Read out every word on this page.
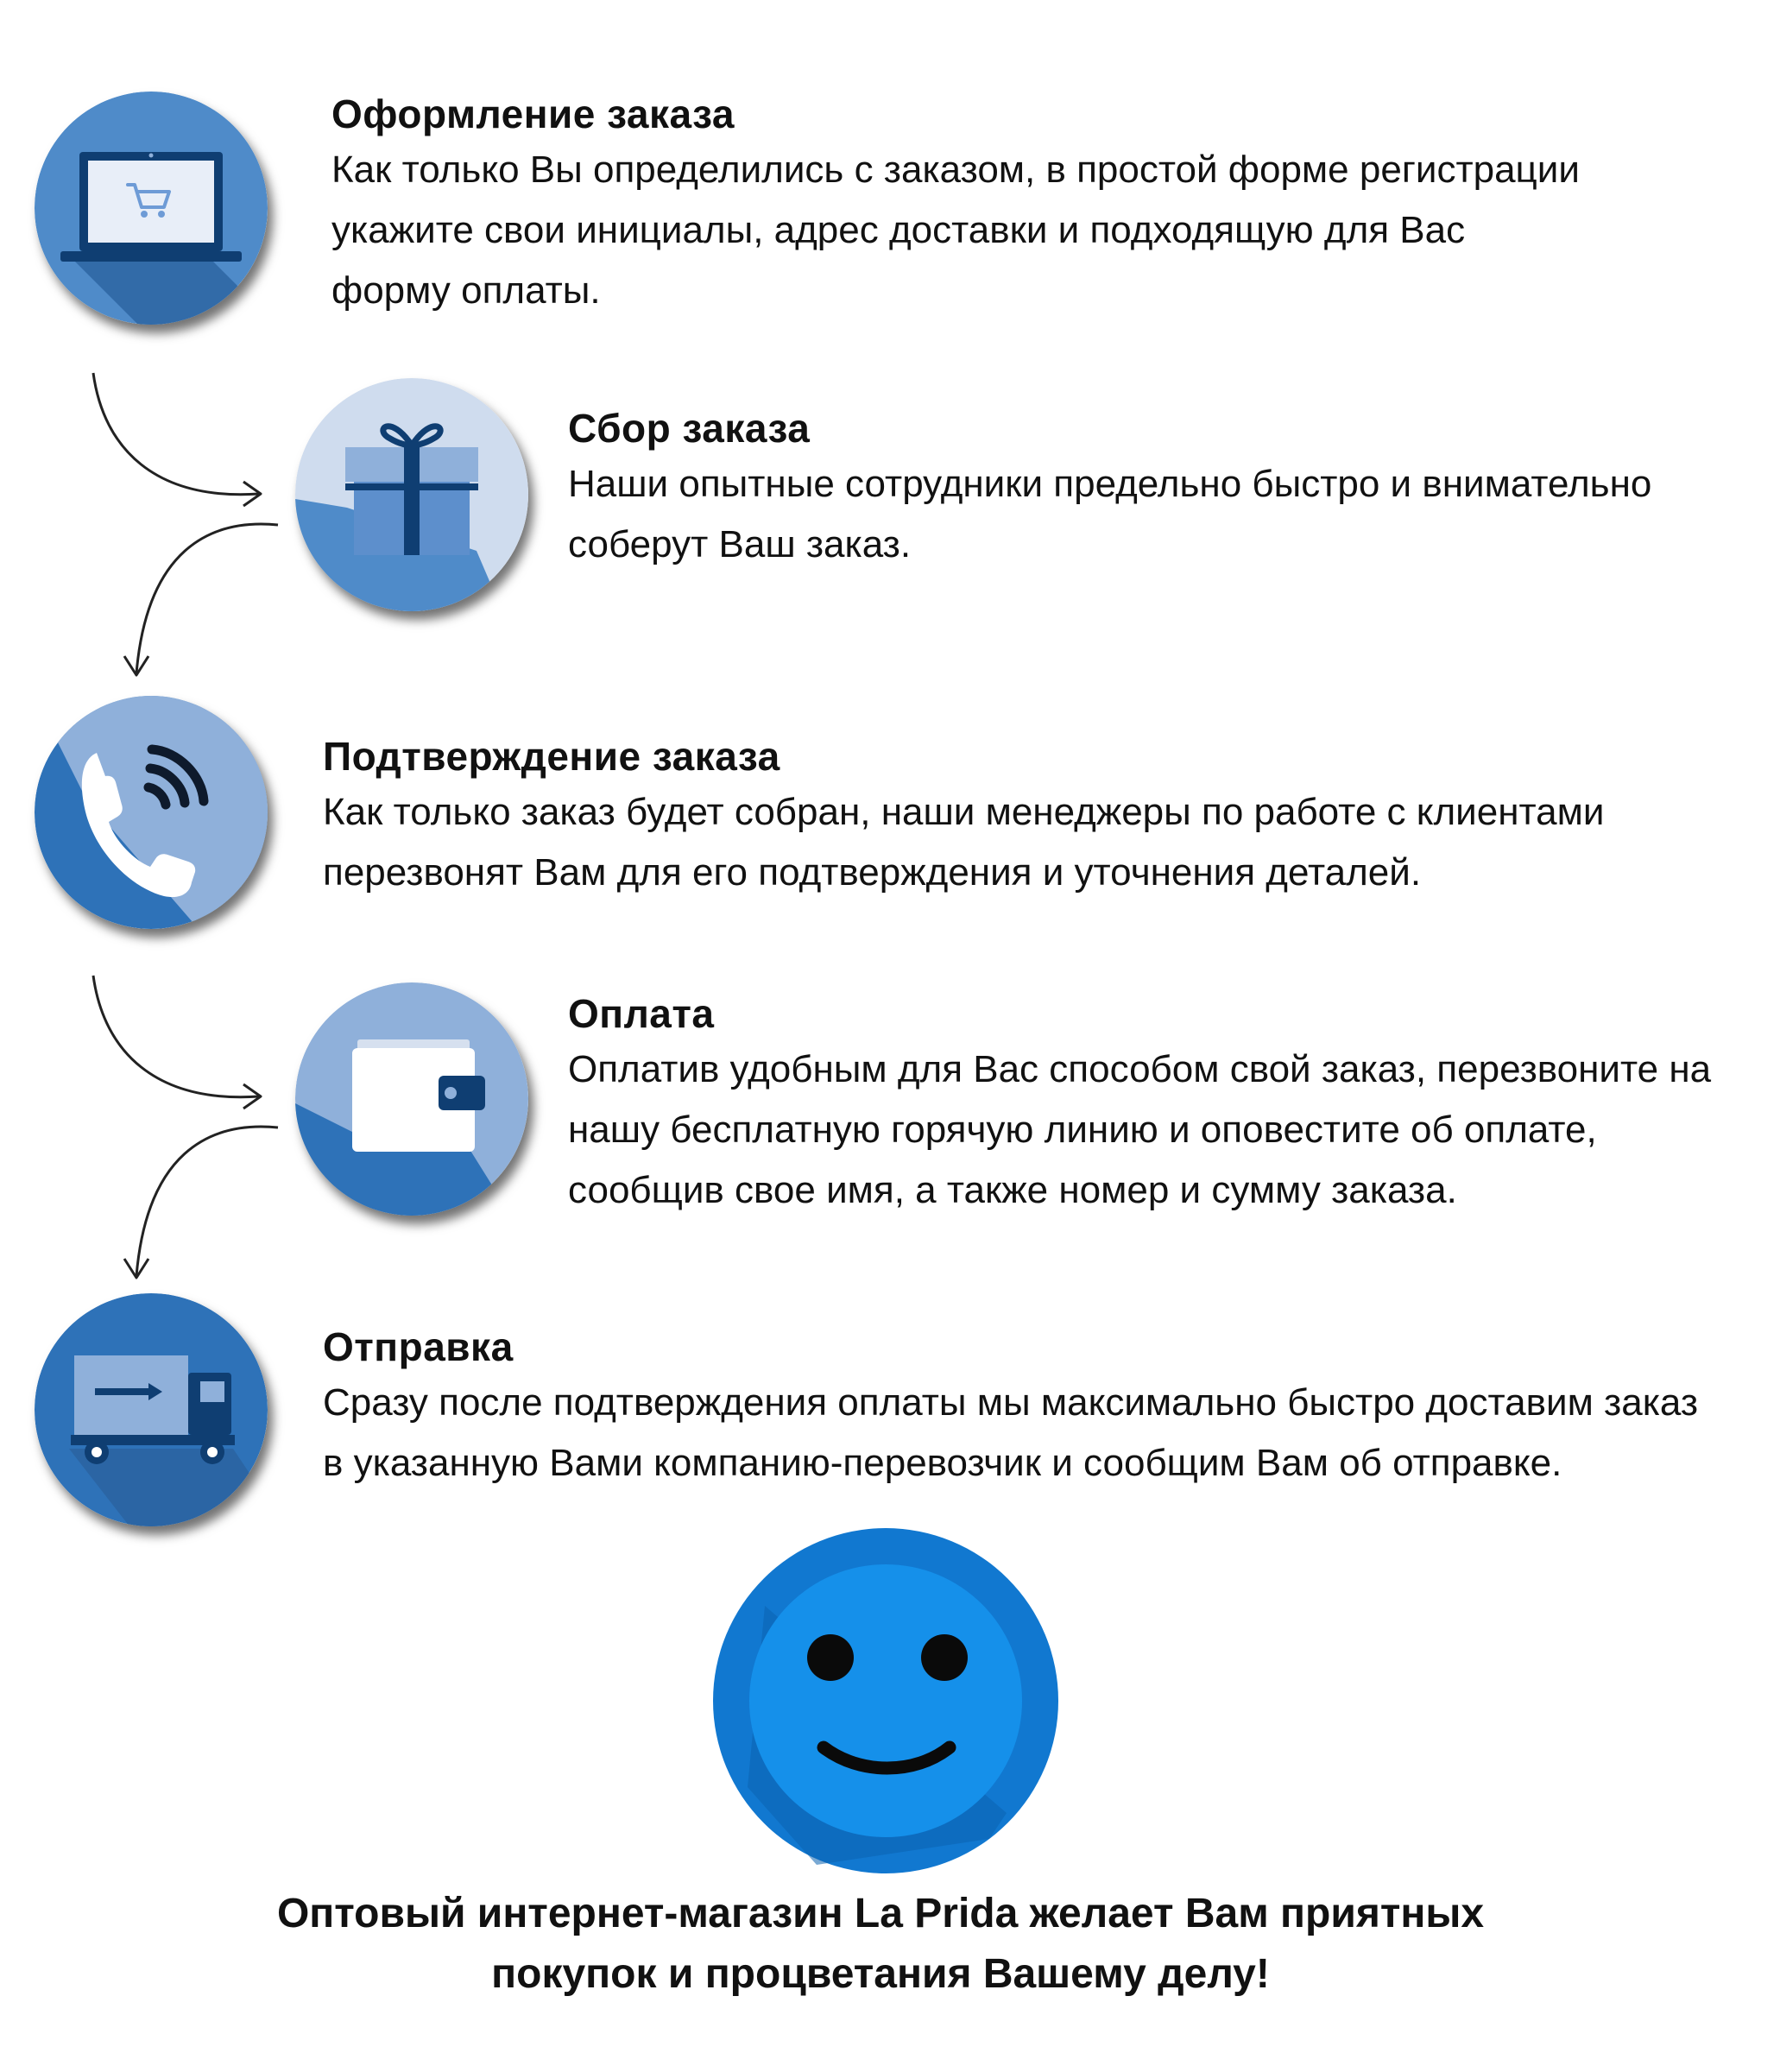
Оформление заказа

Как только Вы определились с заказом, в простой форме регистрации укажите свои инициалы, адрес доставки и подходящую для Вас форму оплаты.

Сбор заказа

Наши опытные сотрудники предельно быстро и внимательно соберут Ваш заказ.

Подтверждение заказа

Как только заказ будет собран, наши менеджеры по работе с клиентами перезвонят Вам для его подтверждения и уточнения деталей.

Оплата

Оплатив удобным для Вас способом свой заказ, перезвоните на нашу бесплатную горячую линию и оповестите об оплате, сообщив свое имя, а также номер и сумму заказа.

Отправка

Сразу после подтверждения оплаты мы максимально быстро доставим заказ в указанную Вами компанию-перевозчик и сообщим Вам об отправке.

Оптовый интернет-магазин La Prida желает Вам приятных покупок и процветания Вашему делу!
